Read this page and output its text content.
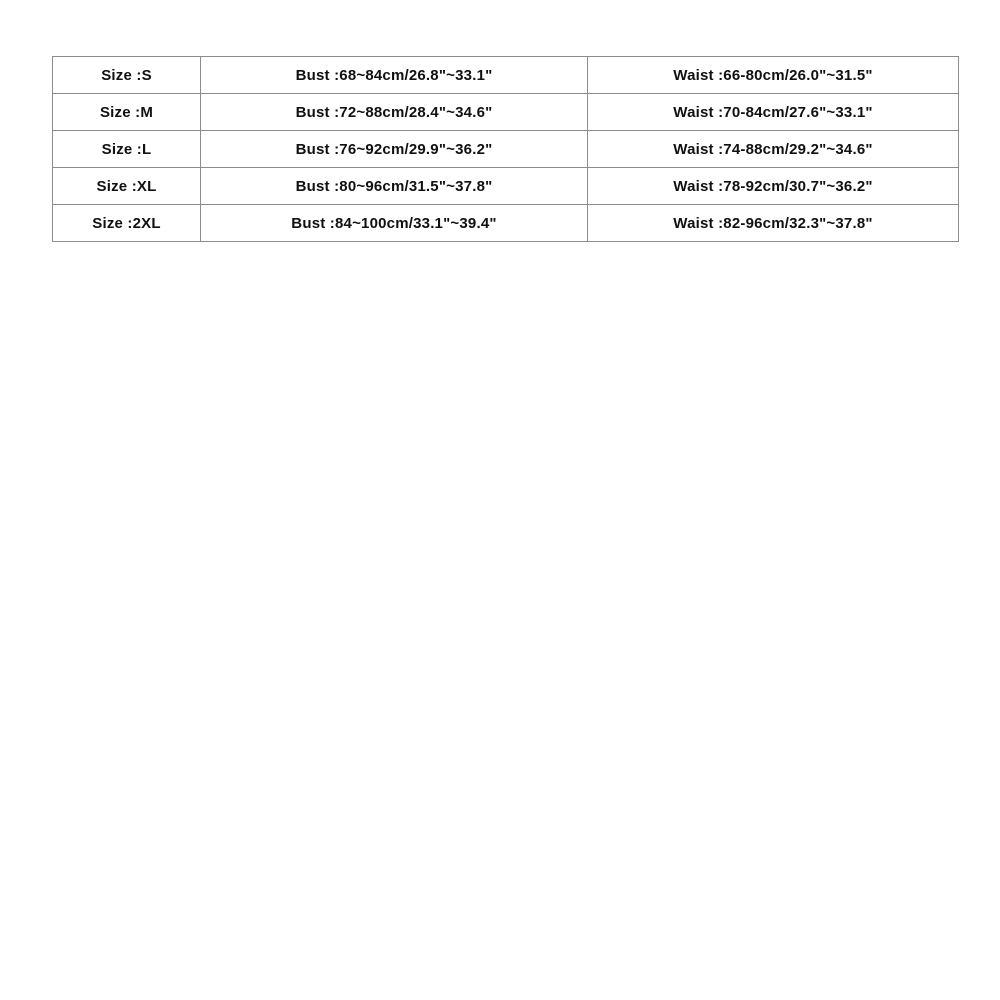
Size :S	Bust :68~84cm/26.8"~33.1"	Waist :66-80cm/26.0"~31.5"
Size :M	Bust :72~88cm/28.4"~34.6"	Waist :70-84cm/27.6"~33.1"
Size :L	Bust :76~92cm/29.9"~36.2"	Waist :74-88cm/29.2"~34.6"
Size :XL	Bust :80~96cm/31.5"~37.8"	Waist :78-92cm/30.7"~36.2"
Size :2XL	Bust :84~100cm/33.1"~39.4"	Waist :82-96cm/32.3"~37.8"
